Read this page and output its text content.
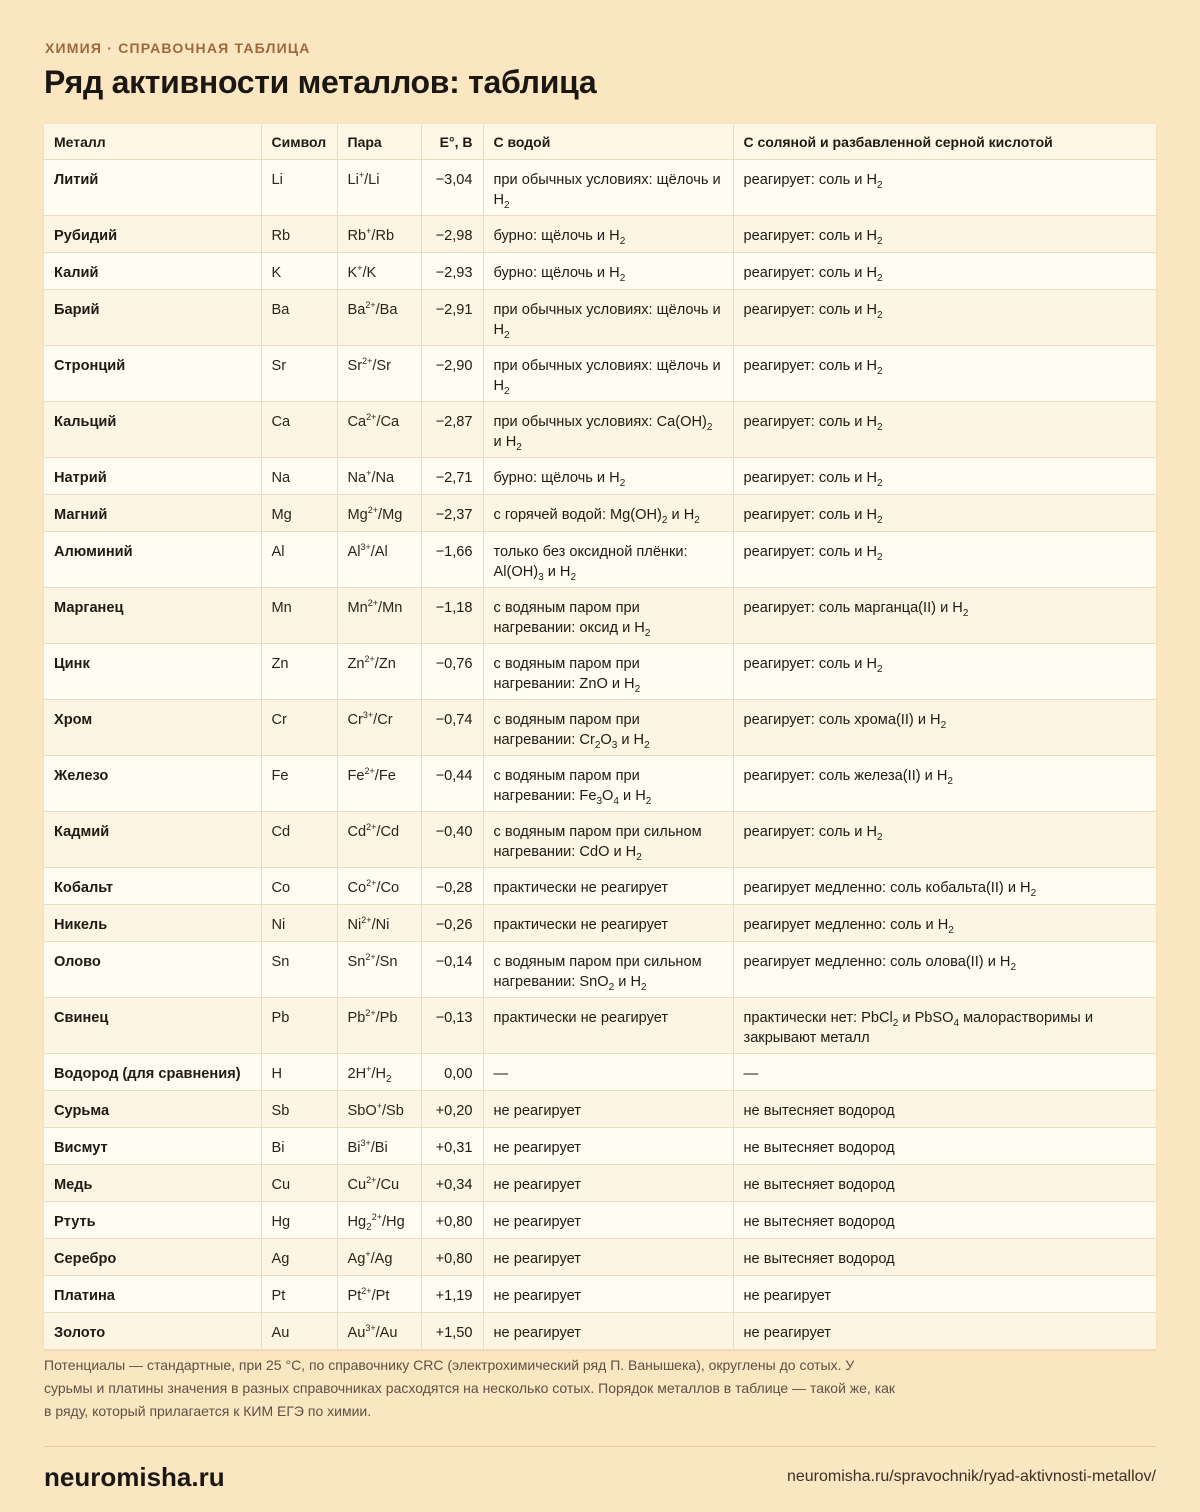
ХИМИЯ · СПРАВОЧНАЯ ТАБЛИЦА
Ряд активности металлов: таблица
Металл	Символ	Пара	E°, В	С водой	С соляной и разбавленной серной кислотой
Литий	Li	Li+/Li	−3,04	при обычных условиях: щёлочь и $H_2$	реагирует: соль и $H_2$
Рубидий	Rb	Rb+/Rb	−2,98	бурно: щёлочь и $H_2$	реагирует: соль и $H_2$
Калий	K	K+/K	−2,93	бурно: щёлочь и $H_2$	реагирует: соль и $H_2$
Барий	Ba	$Ba^{2+}/Ba$	−2,91	при обычных условиях: щёлочь и $H_2$	реагирует: соль и $H_2$
Стронций	Sr	$Sr^{2+}/Sr$	−2,90	при обычных условиях: щёлочь и $H_2$	реагирует: соль и $H_2$
Кальций	Ca	$Ca^{2+}/Ca$	−2,87	при обычных условиях: $Ca(OH)_2$ и $H_2$	реагирует: соль и $H_2$
Натрий	Na	Na+/Na	−2,71	бурно: щёлочь и $H_2$	реагирует: соль и $H_2$
Магний	Mg	$Mg^{2+}/Mg$	−2,37	с горячей водой: $Mg(OH)_2$ и $H_2$	реагирует: соль и $H_2$
Алюминий	Al	$Al^{3+}/Al$	−1,66	только без оксидной плёнки: $Al(OH)_3$ и $H_2$	реагирует: соль и $H_2$
Марганец	Mn	$Mn^{2+}/Mn$	−1,18	с водяным паром при нагревании: оксид и $H_2$	реагирует: соль марганца(II) и $H_2$
Цинк	Zn	$Zn^{2+}/Zn$	−0,76	с водяным паром при нагревании: ZnO и $H_2$	реагирует: соль и $H_2$
Хром	Cr	$Cr^{3+}/Cr$	−0,74	с водяным паром при нагревании: $Cr_2O_3$ и $H_2$	реагирует: соль хрома(II) и $H_2$
Железо	Fe	$Fe^{2+}/Fe$	−0,44	с водяным паром при нагревании: $Fe_3O_4$ и $H_2$	реагирует: соль железа(II) и $H_2$
Кадмий	Cd	$Cd^{2+}/Cd$	−0,40	с водяным паром при сильном нагревании: CdO и $H_2$	реагирует: соль и $H_2$
Кобальт	Co	$Co^{2+}/Co$	−0,28	практически не реагирует	реагирует медленно: соль кобальта(II) и $H_2$
Никель	Ni	$Ni^{2+}/Ni$	−0,26	практически не реагирует	реагирует медленно: соль и $H_2$
Олово	Sn	$Sn^{2+}/Sn$	−0,14	с водяным паром при сильном нагревании: SnO$_2$ и $H_2$	реагирует медленно: соль олова(II) и $H_2$
Свинец	Pb	$Pb^{2+}/Pb$	−0,13	практически не реагирует	практически нет: PbCl$_2$ и PbSO$_4$ малорастворимы и закрывают металл
Водород (для сравнения)	H	$2H^+/H_2$	0,00	—	—
Сурьма	Sb	SbO+/Sb	+0,20	не реагирует	не вытесняет водород
Висмут	Bi	$Bi^{3+}/Bi$	+0,31	не реагирует	не вытесняет водород
Медь	Cu	$Cu^{2+}/Cu$	+0,34	не реагирует	не вытесняет водород
Ртуть	Hg	$Hg_2^{2+}/Hg$	+0,80	не реагирует	не вытесняет водород
Серебро	Ag	Ag+/Ag	+0,80	не реагирует	не вытесняет водород
Платина	Pt	$Pt^{2+}/Pt$	+1,19	не реагирует	не реагирует
Золото	Au	$Au^{3+}/Au$	+1,50	не реагирует	не реагирует
Потенциалы — стандартные, при 25 °C, по справочнику CRC (электрохимический ряд П. Ванышека), округлены до сотых. У сурьмы и платины значения в разных справочниках расходятся на несколько сотых. Порядок металлов в таблице — такой же, как в ряду, который прилагается к КИМ ЕГЭ по химии.
neuromisha.ru	neuromisha.ru/spravochnik/ryad-aktivnosti-metallov/
